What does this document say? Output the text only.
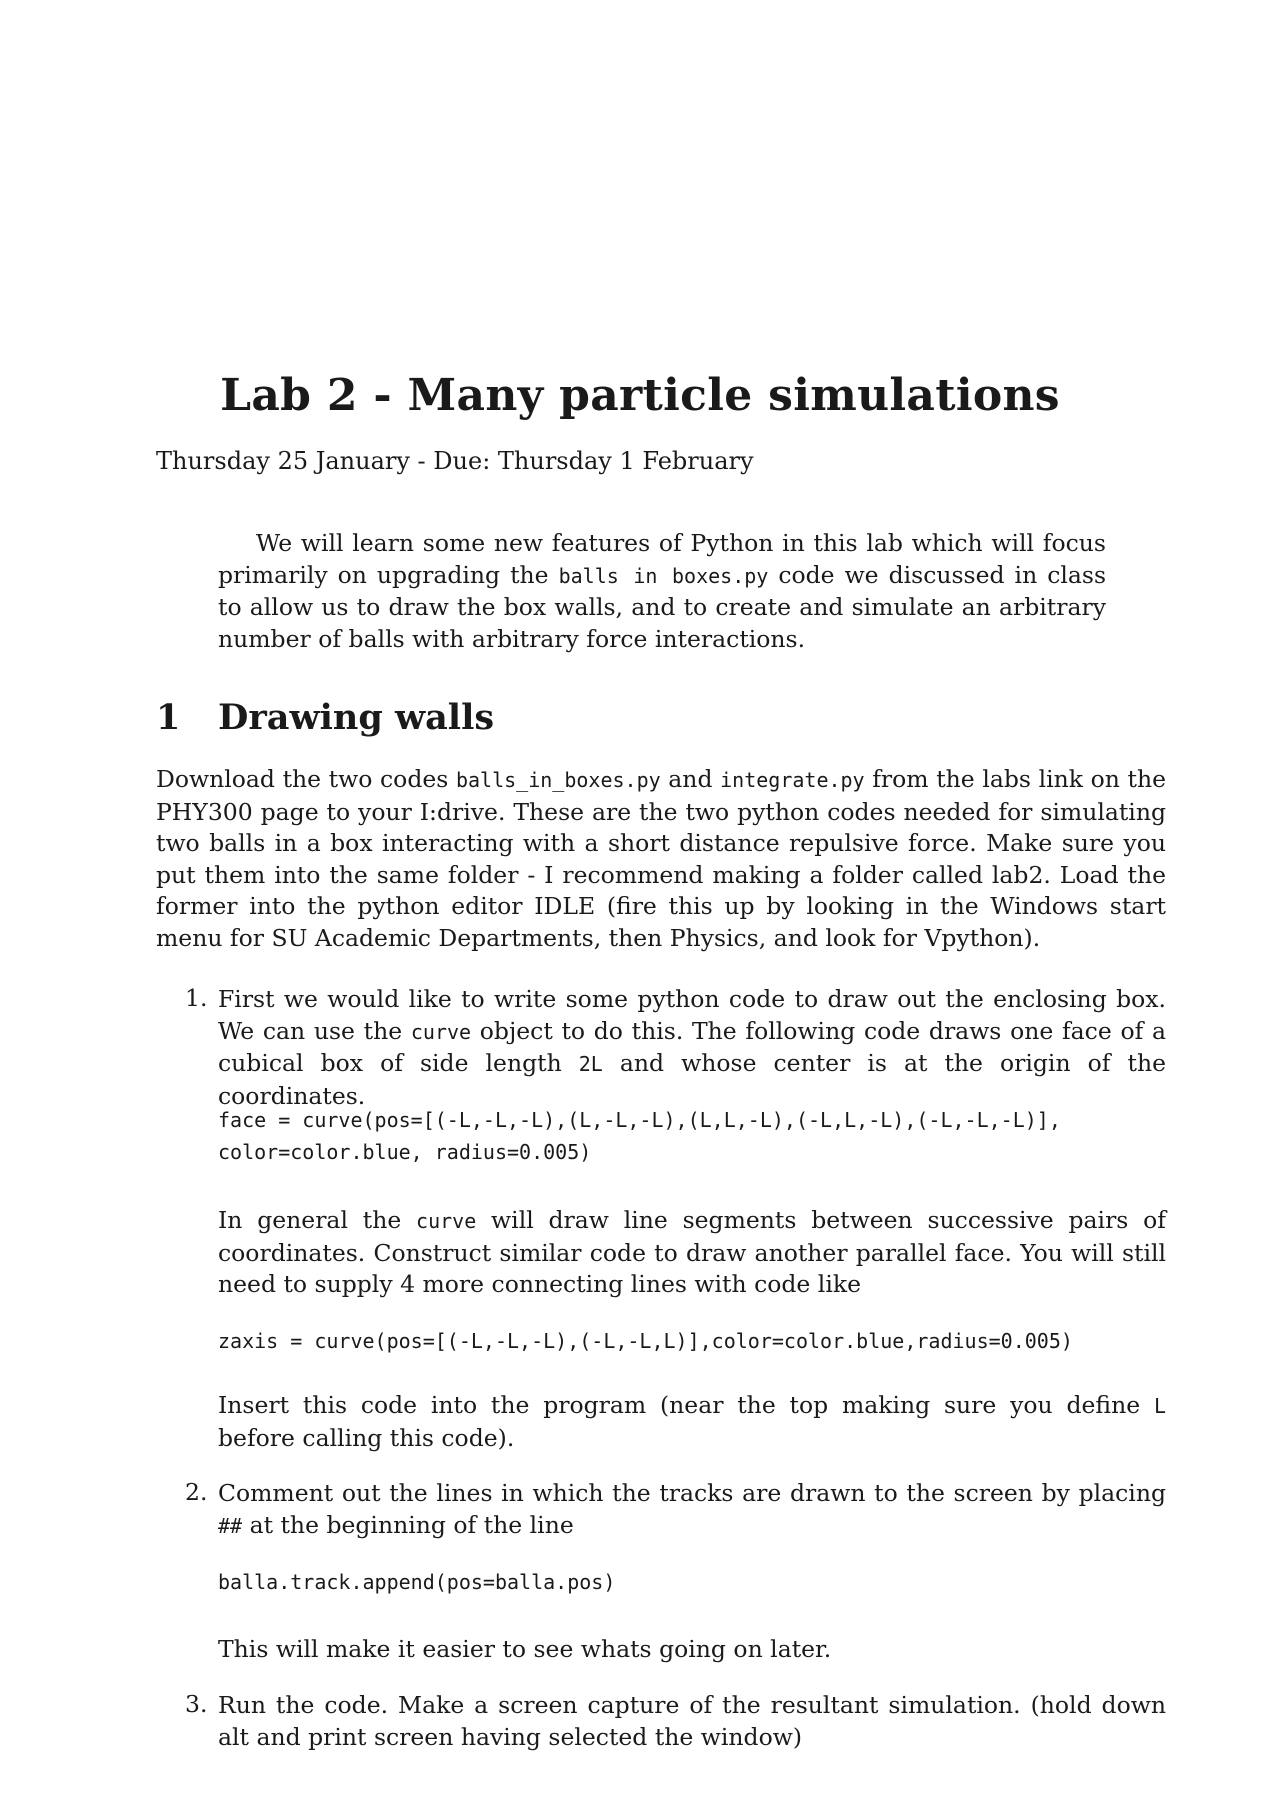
Lab 2 - Many particle simulations
Thursday 25 January - Due: Thursday 1 February
We will learn some new features of Python in this lab which will focus primarily on upgrading the balls in boxes.py code we discussed in class to allow us to draw the box walls, and to create and simulate an arbitrary number of balls with arbitrary force interactions.
1 Drawing walls
Download the two codes balls_in_boxes.py and integrate.py from the labs link on the PHY300 page to your I:drive. These are the two python codes needed for simulating two balls in a box interacting with a short distance repulsive force. Make sure you put them into the same folder - I recommend making a folder called lab2. Load the former into the python editor IDLE (fire this up by looking in the Windows start menu for SU Academic Departments, then Physics, and look for Vpython).
1. First we would like to write some python code to draw out the enclosing box. We can use the curve object to do this. The following code draws one face of a cubical box of side length 2L and whose center is at the origin of the coordinates.
face = curve(pos=[(-L,-L,-L),(L,-L,-L),(L,L,-L),(-L,L,-L),(-L,-L,-L)],
color=color.blue, radius=0.005)
In general the curve will draw line segments between successive pairs of coordinates. Construct similar code to draw another parallel face. You will still need to supply 4 more connecting lines with code like
zaxis = curve(pos=[(-L,-L,-L),(-L,-L,L)],color=color.blue,radius=0.005)
Insert this code into the program (near the top making sure you define L before calling this code).
2. Comment out the lines in which the tracks are drawn to the screen by placing ## at the beginning of the line
balla.track.append(pos=balla.pos)
This will make it easier to see whats going on later.
3. Run the code. Make a screen capture of the resultant simulation. (hold down alt and print screen having selected the window)
